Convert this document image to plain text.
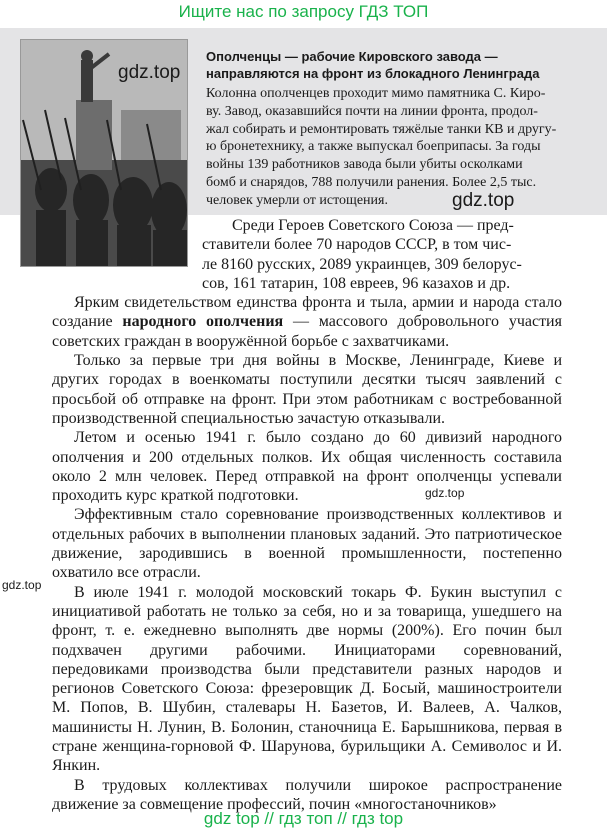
Ищите нас по запросу ГДЗ ТОП
Ополченцы — рабочие Кировского завода —
направляются на фронт из блокадного Ленинграда
Колонна ополченцев проходит мимо памятника С. Киро-
ву. Завод, оказавшийся почти на линии фронта, продол-
жал собирать и ремонтировать тяжёлые танки КВ и другу-
ю бронетехнику, а также выпускал боеприпасы. За годы
войны 139 работников завода были убиты осколками
бомб и снарядов, 788 получили ранения. Более 2,5 тыс.
человек умерли от истощения.
Среди Героев Советского Союза — пред-
ставители более 70 народов СССР, в том чис-
ле 8160 русских, 2089 украинцев, 309 белорус-
сов, 161 татарин, 108 евреев, 96 казахов и др.

Ярким свидетельством единства фронта и тыла, армии и народа стало создание народного ополчения — массового добровольного участия советских граждан в вооружённой борьбе с захватчиками.

Только за первые три дня войны в Москве, Ленинграде, Киеве и других городах в военкоматы поступили десятки тысяч заявлений с просьбой об отправке на фронт. При этом работникам с востребованной производственной специальностью зачастую отказывали.

Летом и осенью 1941 г. было создано до 60 дивизий народного ополчения и 200 отдельных полков. Их общая численность составила около 2 млн человек. Перед отправкой на фронт ополченцы успевали проходить курс краткой подготовки.

Эффективным стало соревнование производственных коллективов и отдельных рабочих в выполнении плановых заданий. Это патриотическое движение, зародившись в военной промышленности, постепенно охватило все отрасли.

В июле 1941 г. молодой московский токарь Ф. Букин выступил с инициативой работать не только за себя, но и за товарища, ушедшего на фронт, т. е. ежедневно выполнять две нормы (200%). Его почин был подхвачен другими рабочими. Инициаторами соревнований, передовиками производства были представители разных народов и регионов Советского Союза: фрезеровщик Д. Босый, машиностроители М. Попов, В. Шубин, сталевары Н. Базетов, И. Валеев, А. Чалков, машинисты Н. Лунин, В. Болонин, станочница Е. Барышникова, первая в стране женщина-горновой Ф. Шарунова, бурильщики А. Семиволос и И. Янкин.

В трудовых коллективах получили широкое распространение движение за совмещение профессий, почин «многостаночников»

gdz.top
gdz.top
gdz.top
gdz.top
gdz top // гдз топ // гдз top
